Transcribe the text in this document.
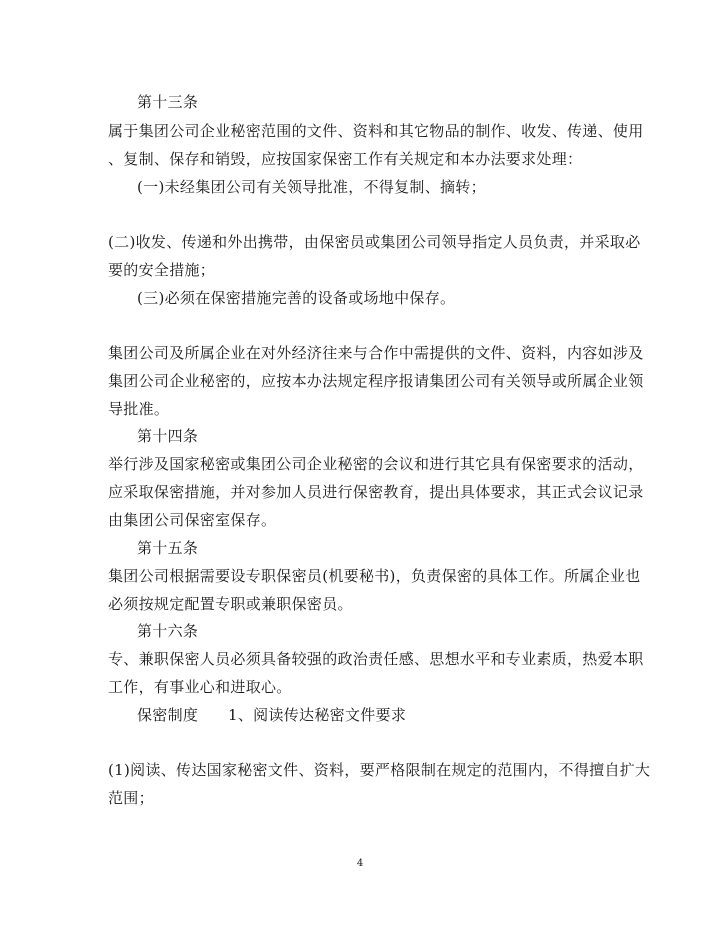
第十三条
属于集团公司企业秘密范围的文件、资料和其它物品的制作、收发、传递、使用
、复制、保存和销毁，应按国家保密工作有关规定和本办法要求处理：
(一)未经集团公司有关领导批准，不得复制、摘转；
(二)收发、传递和外出携带，由保密员或集团公司领导指定人员负责，并采取必
要的安全措施；
(三)必须在保密措施完善的设备或场地中保存。
集团公司及所属企业在对外经济往来与合作中需提供的文件、资料，内容如涉及
集团公司企业秘密的，应按本办法规定程序报请集团公司有关领导或所属企业领
导批准。
第十四条
举行涉及国家秘密或集团公司企业秘密的会议和进行其它具有保密要求的活动，
应采取保密措施，并对参加人员进行保密教育，提出具体要求，其正式会议记录
由集团公司保密室保存。
第十五条
集团公司根据需要设专职保密员(机要秘书)，负责保密的具体工作。所属企业也
必须按规定配置专职或兼职保密员。
第十六条
专、兼职保密人员必须具备较强的政治责任感、思想水平和专业素质，热爱本职
工作，有事业心和进取心。
保密制度	1、阅读传达秘密文件要求
(1)阅读、传达国家秘密文件、资料，要严格限制在规定的范围内，不得擅自扩大
范围；
4
